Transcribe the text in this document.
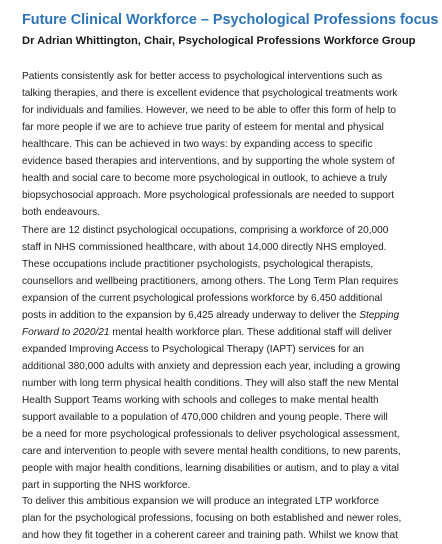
Future Clinical Workforce – Psychological Professions focus

Dr Adrian Whittington, Chair, Psychological Professions Workforce Group

Patients consistently ask for better access to psychological interventions such as
talking therapies, and there is excellent evidence that psychological treatments work
for individuals and families. However, we need to be able to offer this form of help to
far more people if we are to achieve true parity of esteem for mental and physical
healthcare. This can be achieved in two ways: by expanding access to specific
evidence based therapies and interventions, and by supporting the whole system of
health and social care to become more psychological in outlook, to achieve a truly
biopsychosocial approach. More psychological professionals are needed to support
both endeavours.

There are 12 distinct psychological occupations, comprising a workforce of 20,000
staff in NHS commissioned healthcare, with about 14,000 directly NHS employed.
These occupations include practitioner psychologists, psychological therapists,
counsellors and wellbeing practitioners, among others. The Long Term Plan requires
expansion of the current psychological professions workforce by 6,450 additional
posts in addition to the expansion by 6,425 already underway to deliver the Stepping
Forward to 2020/21 mental health workforce plan. These additional staff will deliver
expanded Improving Access to Psychological Therapy (IAPT) services for an
additional 380,000 adults with anxiety and depression each year, including a growing
number with long term physical health conditions. They will also staff the new Mental
Health Support Teams working with schools and colleges to make mental health
support available to a population of 470,000 children and young people. There will
be a need for more psychological professionals to deliver psychological assessment,
care and intervention to people with severe mental health conditions, to new parents,
people with major health conditions, learning disabilities or autism, and to play a vital
part in supporting the NHS workforce.

To deliver this ambitious expansion we will produce an integrated LTP workforce
plan for the psychological professions, focusing on both established and newer roles,
and how they fit together in a coherent career and training path. Whilst we know that
